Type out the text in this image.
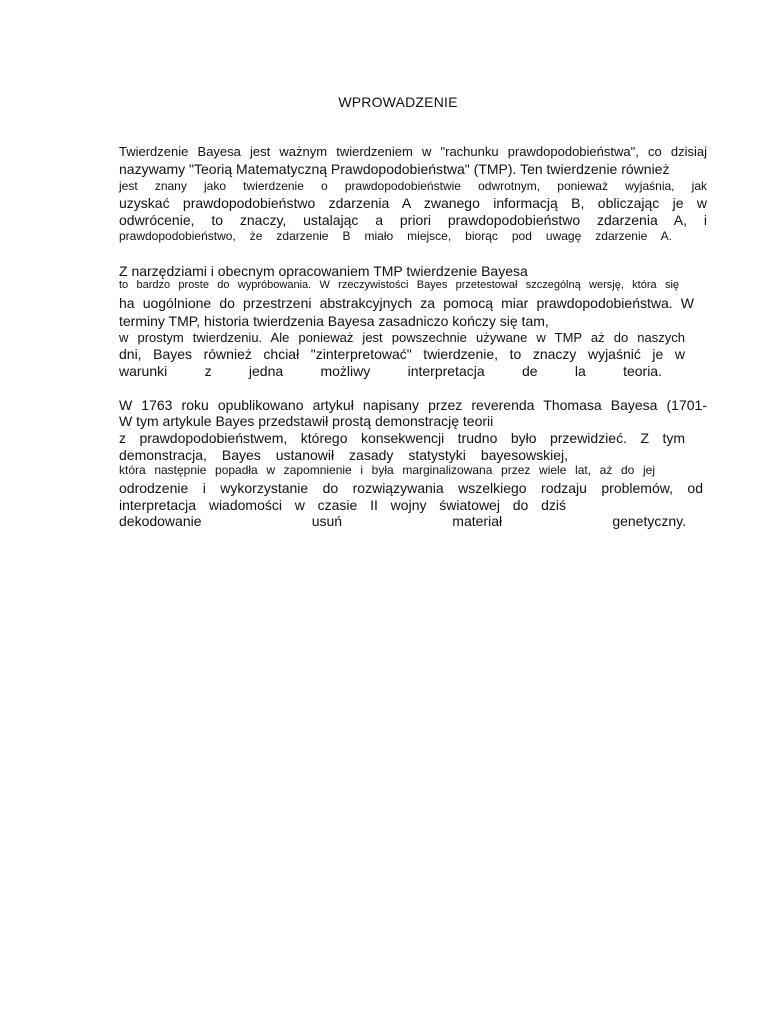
WPROWADZENIE
Twierdzenie Bayesa jest ważnym twierdzeniem w "rachunku prawdopodobieństwa", co dzisiaj
nazywamy "Teorią Matematyczną Prawdopodobieństwa" (TMP). Ten twierdzenie również
jest znany jako twierdzenie o prawdopodobieństwie odwrotnym, ponieważ wyjaśnia, jak
uzyskać prawdopodobieństwo zdarzenia A zwanego informacją B, obliczając je w
odwrócenie, to znaczy, ustalając a priori prawdopodobieństwo zdarzenia A, i
prawdopodobieństwo, że zdarzenie B miało miejsce, biorąc pod uwagę zdarzenie A.
Z narzędziami i obecnym opracowaniem TMP twierdzenie Bayesa
to bardzo proste do wypróbowania. W rzeczywistości Bayes przetestował szczególną wersję, która się
ha uogólnione do przestrzeni abstrakcyjnych za pomocą miar prawdopodobieństwa. W
terminy TMP, historia twierdzenia Bayesa zasadniczo kończy się tam,
w prostym twierdzeniu. Ale ponieważ jest powszechnie używane w TMP aż do naszych
dni, Bayes również chciał "zinterpretować" twierdzenie, to znaczy wyjaśnić je w
warunki z jedna możliwy interpretacja de la teoria.
W 1763 roku opublikowano artykuł napisany przez reverenda Thomasa Bayesa (1701-
W tym artykule Bayes przedstawił prostą demonstrację teorii
z prawdopodobieństwem, którego konsekwencji trudno było przewidzieć. Z tym
demonstracja, Bayes ustanowił zasady statystyki bayesowskiej,
która następnie popadła w zapomnienie i była marginalizowana przez wiele lat, aż do jej
odrodzenie i wykorzystanie do rozwiązywania wszelkiego rodzaju problemów, od
interpretacja wiadomości w czasie II wojny światowej do dziś
dekodowanie usuń materiał genetyczny.
